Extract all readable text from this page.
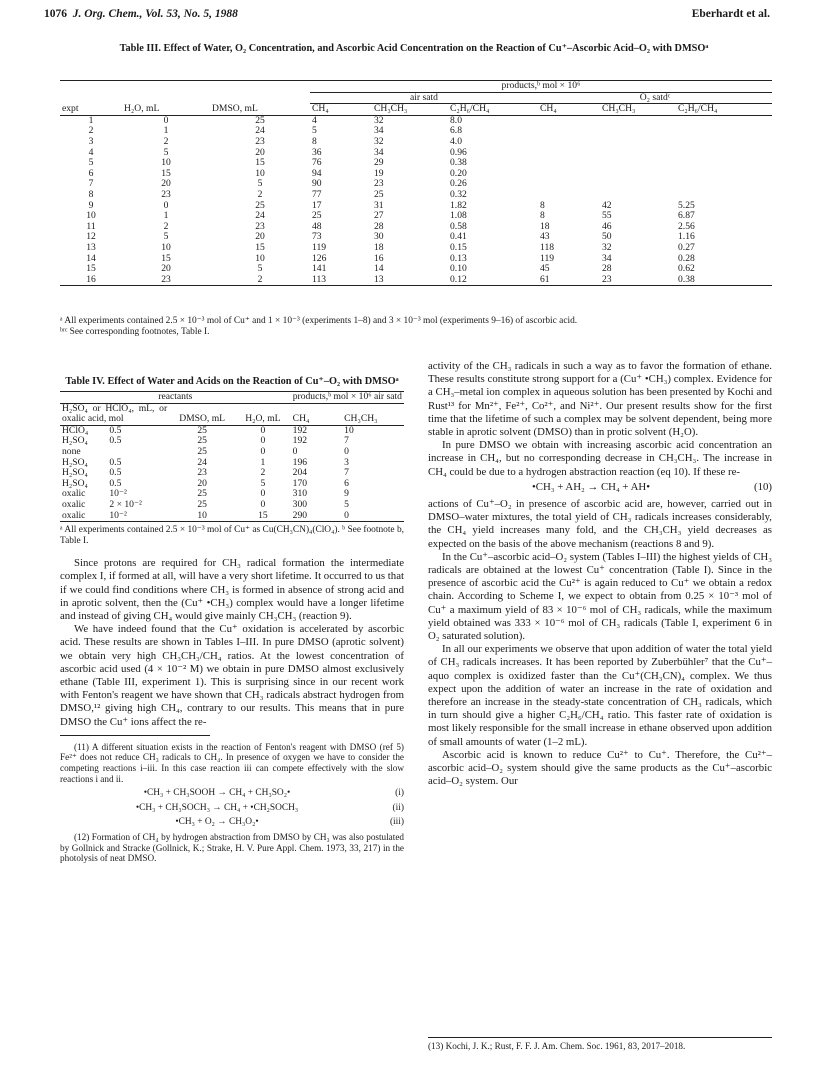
1076 J. Org. Chem., Vol. 53, No. 5, 1988	Eberhardt et al.
Table III. Effect of Water, O₂ Concentration, and Ascorbic Acid Concentration on the Reaction of Cu⁺–Ascorbic Acid–O₂ with DMSOᵃ
			products,ᵇ mol × 10⁶					
			air satd			O₂ satdᶜ		
expt	H₂O, mL	DMSO, mL	CH₄	CH₃CH₃	C₂H₆/CH₄	CH₄	CH₃CH₃	C₂H₆/CH₄
1	0	25	4	32	8.0			
2	1	24	5	34	6.8			
3	2	23	8	32	4.0			
4	5	20	36	34	0.96			
5	10	15	76	29	0.38			
6	15	10	94	19	0.20			
7	20	5	90	23	0.26			
8	23	2	77	25	0.32			
9	0	25	17	31	1.82	8	42	5.25
10	1	24	25	27	1.08	8	55	6.87
11	2	23	48	28	0.58	18	46	2.56
12	5	20	73	30	0.41	43	50	1.16
13	10	15	119	18	0.15	118	32	0.27
14	15	10	126	16	0.13	119	34	0.28
15	20	5	141	14	0.10	45	28	0.62
16	23	2	113	13	0.12	61	23	0.38
ᵃ All experiments contained 2.5 × 10⁻³ mol of Cu⁺ and 1 × 10⁻³ (experiments 1–8) and 3 × 10⁻³ mol (experiments 9–16) of ascorbic acid.
ᵇʳᶜ See corresponding footnotes, Table I.
Table IV. Effect of Water and Acids on the Reaction of Cu⁺–O₂ with DMSOᵃ
reactants				products,ᵇ mol × 10⁶ air satd	

H₂SO₄ or HClO₄, mL, or oxalic acid, mol		DMSO, mL	H₂O, mL	CH₄	CH₃CH₃
HClO₄	0.5	25	0	192	10
H₂SO₄	0.5	25	0	192	7
none		25	0	0	0
H₂SO₄	0.5	24	1	196	3
H₂SO₄	0.5	23	2	204	7
H₂SO₄	0.5	20	5	170	6
oxalic	10⁻²	25	0	310	9
oxalic	2 × 10⁻²	25	0	300	5
oxalic	10⁻²	10	15	290	0
ᵃ All experiments contained 2.5 × 10⁻³ mol of Cu⁺ as Cu(CH₃CN)₄(ClO₄). ᵇ See footnote b, Table I.

Since protons are required for CH₃ radical formation the intermediate complex I, if formed at all, will have a very short lifetime. It occurred to us that if we could find conditions where CH₃ is formed in absence of strong acid and in aprotic solvent, then the (Cu⁺ •CH₃) complex would have a longer lifetime and instead of giving CH₄ would give mainly CH₃CH₃ (reaction 9).

We have indeed found that the Cu⁺ oxidation is accelerated by ascorbic acid. These results are shown in Tables I–III. In pure DMSO (aprotic solvent) we obtain very high CH₃CH₃/CH₄ ratios. At the lowest concentration of ascorbic acid used (4 × 10⁻² M) we obtain in pure DMSO almost exclusively ethane (Table III, experiment 1). This is surprising since in our recent work with Fenton's reagent we have shown that CH₃ radicals abstract hydrogen from DMSO,¹² giving high CH₄, contrary to our results. This means that in pure DMSO the Cu⁺ ions affect the re-

(11) A different situation exists in the reaction of Fenton's reagent with DMSO (ref 5) Fe²⁺ does not reduce CH₃ radicals to CH₄. In presence of oxygen we have to consider the competing reactions i–iii. In this case reaction iii can compete effectively with the slow reactions i and ii.

•CH₃ + CH₃SOOH → CH₄ + CH₃SO₂•	(i)
•CH₃ + CH₃SOCH₃ → CH₄ + •CH₂SOCH₃	(ii)
•CH₃ + O₂ → CH₃O₂•	(iii)

(12) Formation of CH₄ by hydrogen abstraction from DMSO by CH₃ was also postulated by Gollnick and Stracke (Gollnick, K.; Strake, H. V. Pure Appl. Chem. 1973, 33, 217) in the photolysis of neat DMSO.

activity of the CH₃ radicals in such a way as to favor the formation of ethane. These results constitute strong support for a (Cu⁺ •CH₃) complex. Evidence for a CH₃–metal ion complex in aqueous solution has been presented by Kochi and Rust¹³ for Mn²⁺, Fe²⁺, Co²⁺, and Ni²⁺. Our present results show for the first time that the lifetime of such a complex may be solvent dependent, being more stable in aprotic solvent (DMSO) than in protic solvent (H₂O).

In pure DMSO we obtain with increasing ascorbic acid concentration an increase in CH₄, but no corresponding decrease in CH₃CH₃. The increase in CH₄ could be due to a hydrogen abstraction reaction (eq 10). If these re-

•CH₃ + AH₂ → CH₄ + AH•	(10)

actions of Cu⁺–O₂ in presence of ascorbic acid are, however, carried out in DMSO–water mixtures, the total yield of CH₃ radicals increases considerably, the CH₄ yield increases many fold, and the CH₃CH₃ yield decreases as expected on the basis of the above mechanism (reactions 8 and 9).

In the Cu⁺–ascorbic acid–O₂ system (Tables I–III) the highest yields of CH₃ radicals are obtained at the lowest Cu⁺ concentration (Table I). Since in the presence of ascorbic acid the Cu²⁺ is again reduced to Cu⁺ we obtain a redox chain. According to Scheme I, we expect to obtain from 0.25 × 10⁻³ mol of Cu⁺ a maximum yield of 83 × 10⁻⁶ mol of CH₃ radicals, while the maximum yield obtained was 333 × 10⁻⁶ mol of CH₃ radicals (Table I, experiment 6 in O₂ saturated solution).

In all our experiments we observe that upon addition of water the total yield of CH₃ radicals increases. It has been reported by Zuberbühler⁷ that the Cu⁺–aquo complex is oxidized faster than the Cu⁺(CH₃CN)₄ complex. We thus expect upon the addition of water an increase in the rate of oxidation and therefore an increase in the steady-state concentration of CH₃ radicals, which in turn should give a higher C₂H₆/CH₄ ratio. This faster rate of oxidation is most likely responsible for the small increase in ethane observed upon addition of small amounts of water (1–2 mL).

Ascorbic acid is known to reduce Cu²⁺ to Cu⁺. Therefore, the Cu²⁺–ascorbic acid–O₂ system should give the same products as the Cu⁺–ascorbic acid–O₂ system. Our

(13) Kochi, J. K.; Rust, F. F. J. Am. Chem. Soc. 1961, 83, 2017–2018.
